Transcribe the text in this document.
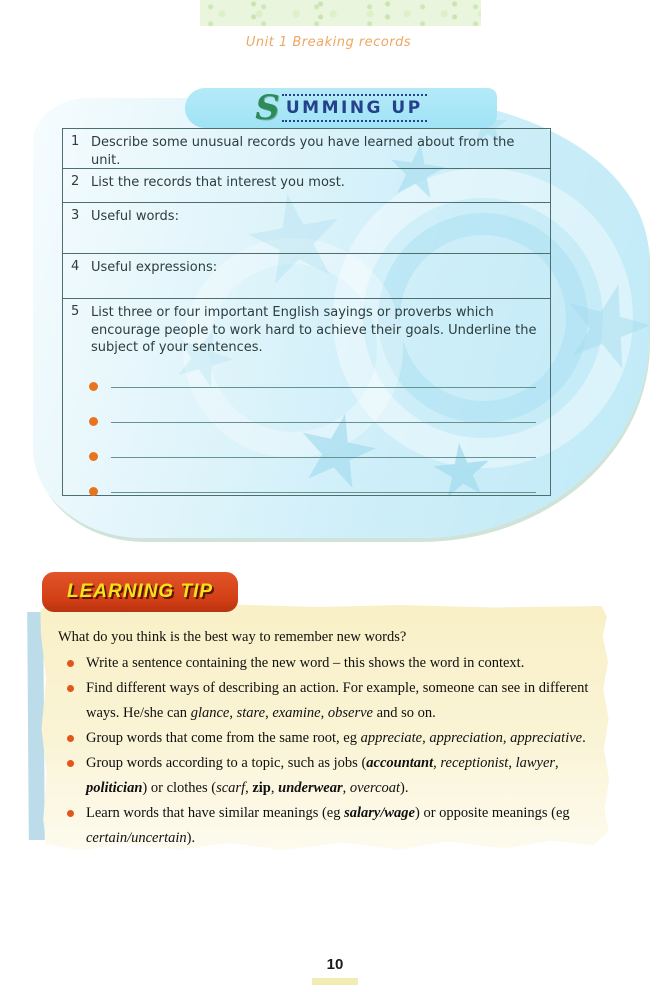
Unit 1 Breaking records
S UMMING UP
1 Describe some unusual records you have learned about from the unit.
2 List the records that interest you most.
3 Useful words:
4 Useful expressions:
5 List three or four important English sayings or proverbs which encourage people to work hard to achieve their goals. Underline the subject of your sentences.
LEARNING TIP
What do you think is the best way to remember new words?
Write a sentence containing the new word – this shows the word in context.
Find different ways of describing an action. For example, someone can see in different ways. He/she can glance, stare, examine, observe and so on.
Group words that come from the same root, eg appreciate, appreciation, appreciative.
Group words according to a topic, such as jobs (accountant, receptionist, lawyer, politician) or clothes (scarf, zip, underwear, overcoat).
Learn words that have similar meanings (eg salary/wage) or opposite meanings (eg certain/uncertain).
10
